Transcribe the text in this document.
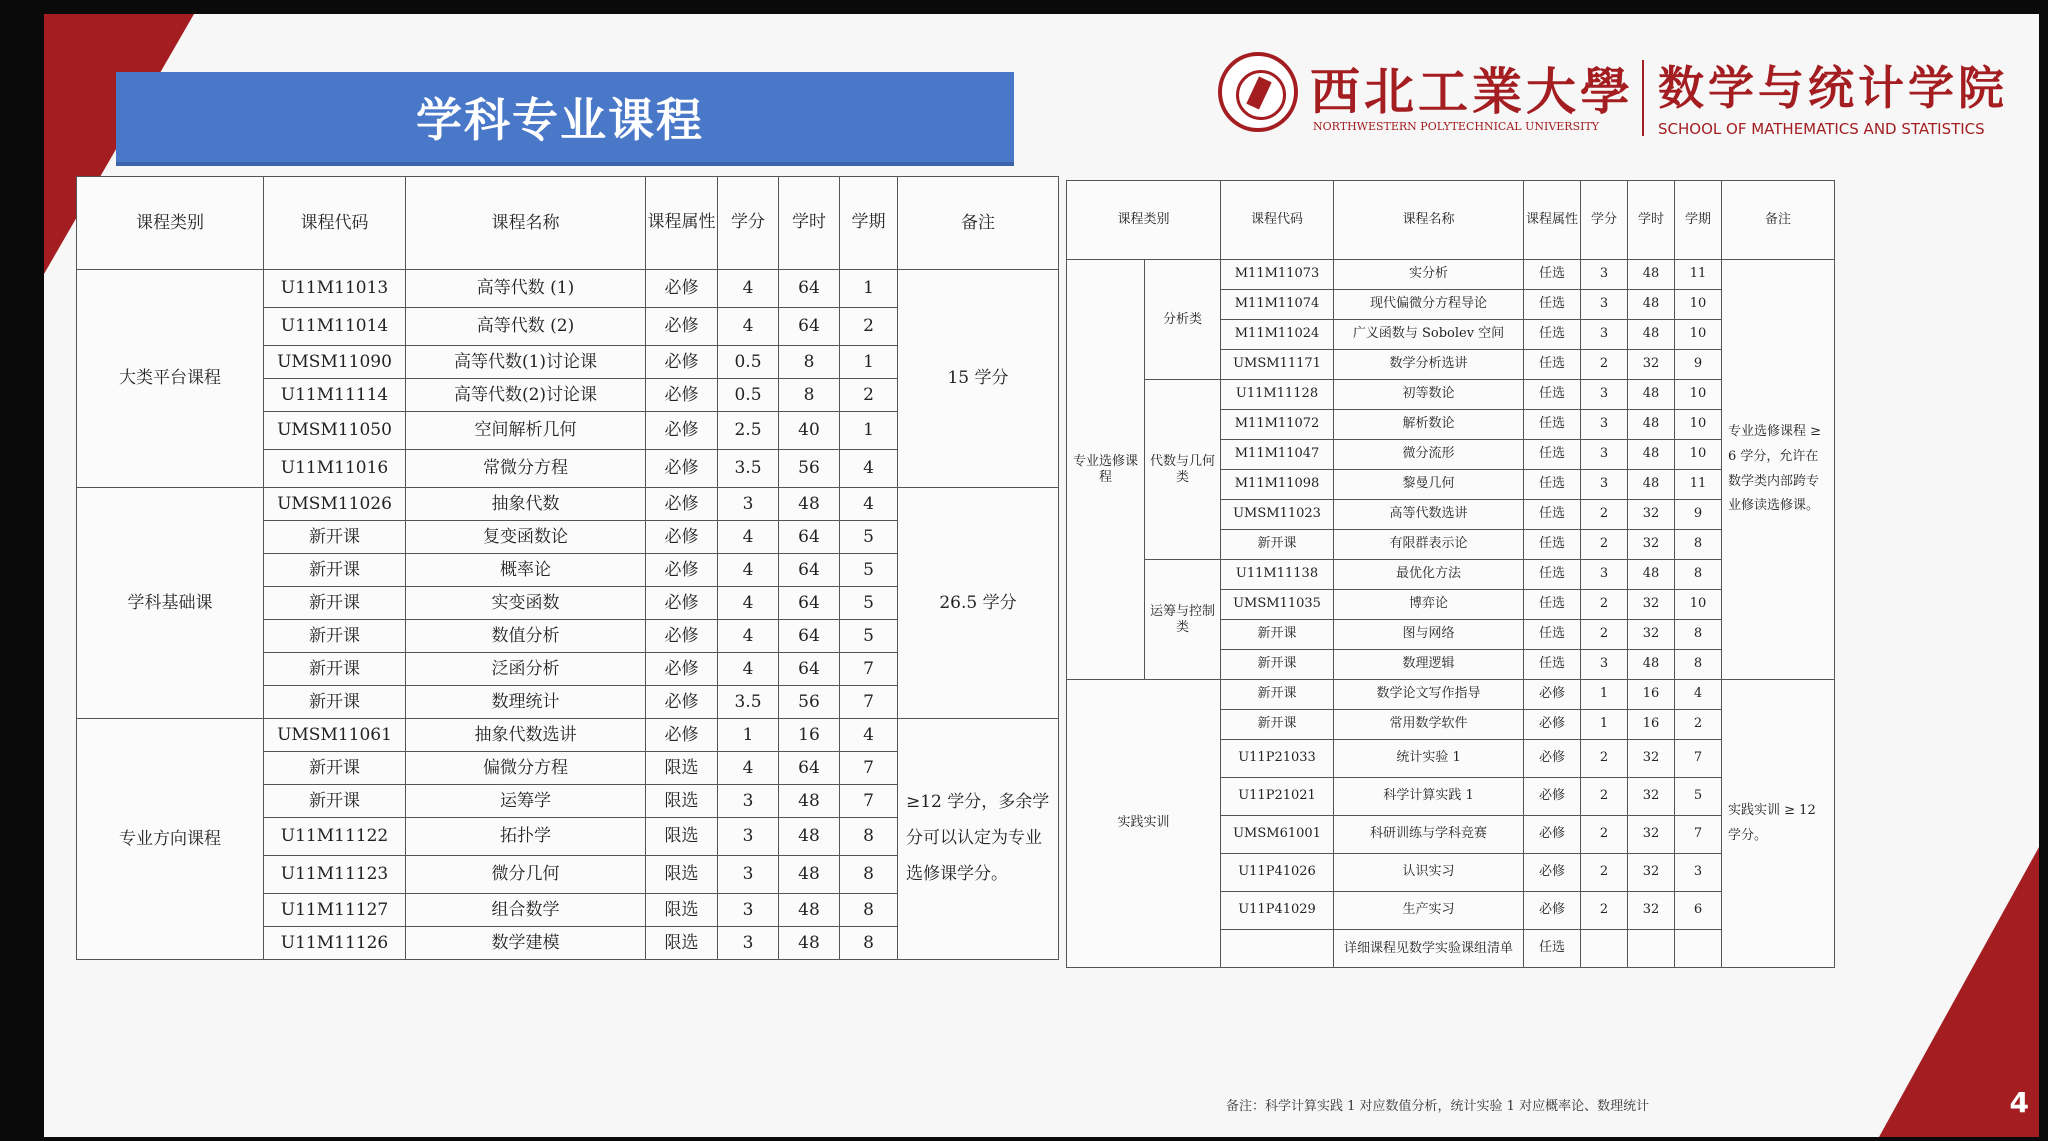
4
学科专业课程	西北工業大學
NORTHWESTERN POLYTECHNICAL UNIVERSITY
数学与统计学院
SCHOOL OF MATHEMATICS AND STATISTICS
课程类别	课程代码	课程名称	课程属性	学分	学时	学期	备注
大类平台课程	U11M11013	高等代数 (1)	必修	4	64	1	15 学分
	U11M11014	高等代数 (2)	必修	4	64	2	
	UMSM11090	高等代数(1)讨论课	必修	0.5	8	1	
	U11M11114	高等代数(2)讨论课	必修	0.5	8	2	
	UMSM11050	空间解析几何	必修	2.5	40	1	
	U11M11016	常微分方程	必修	3.5	56	4	
学科基础课	UMSM11026	抽象代数	必修	3	48	4	26.5 学分
	新开课	复变函数论	必修	4	64	5	
	新开课	概率论	必修	4	64	5	
	新开课	实变函数	必修	4	64	5	
	新开课	数值分析	必修	4	64	5	
	新开课	泛函分析	必修	4	64	7	
	新开课	数理统计	必修	3.5	56	7	
专业方向课程	UMSM11061	抽象代数选讲	必修	1	16	4	≥12 学分，多余学分可以认定为专业选修课学分。
	新开课	偏微分方程	限选	4	64	7	
	新开课	运筹学	限选	3	48	7	
	U11M11122	拓扑学	限选	3	48	8	
	U11M11123	微分几何	限选	3	48	8	
	U11M11127	组合数学	限选	3	48	8	
	U11M11126	数学建模	限选	3	48	8	
课程类别		课程代码	课程名称	课程属性	学分	学时	学期	备注
专业选修课程	分析类	M11M11073	实分析	任选	3	48	11	专业选修课程 ≥ 6 学分，允许在数学类内部跨专业修读选修课。
		M11M11074	现代偏微分方程导论	任选	3	48	10	
		M11M11024	广义函数与 Sobolev 空间	任选	3	48	10	
		UMSM11171	数学分析选讲	任选	2	32	9	
	代数与几何类	U11M11128	初等数论	任选	3	48	10	
		M11M11072	解析数论	任选	3	48	10	
		M11M11047	微分流形	任选	3	48	10	
		M11M11098	黎曼几何	任选	3	48	11	
		UMSM11023	高等代数选讲	任选	2	32	9	
		新开课	有限群表示论	任选	2	32	8	
	运筹与控制类	U11M11138	最优化方法	任选	3	48	8	
		UMSM11035	博弈论	任选	2	32	10	
		新开课	图与网络	任选	2	32	8	
		新开课	数理逻辑	任选	3	48	8	
实践实训		新开课	数学论文写作指导	必修	1	16	4	实践实训 ≥ 12 学分。
		新开课	常用数学软件	必修	1	16	2	
		U11P21033	统计实验 1	必修	2	32	7	
		U11P21021	科学计算实践 1	必修	2	32	5	
		UMSM61001	科研训练与学科竞赛	必修	2	32	7	
		U11P41026	认识实习	必修	2	32	3	
		U11P41029	生产实习	必修	2	32	6	
			详细课程见数学实验课组清单	任选				
备注：科学计算实践 1 对应数值分析，统计实验 1 对应概率论、数理统计
